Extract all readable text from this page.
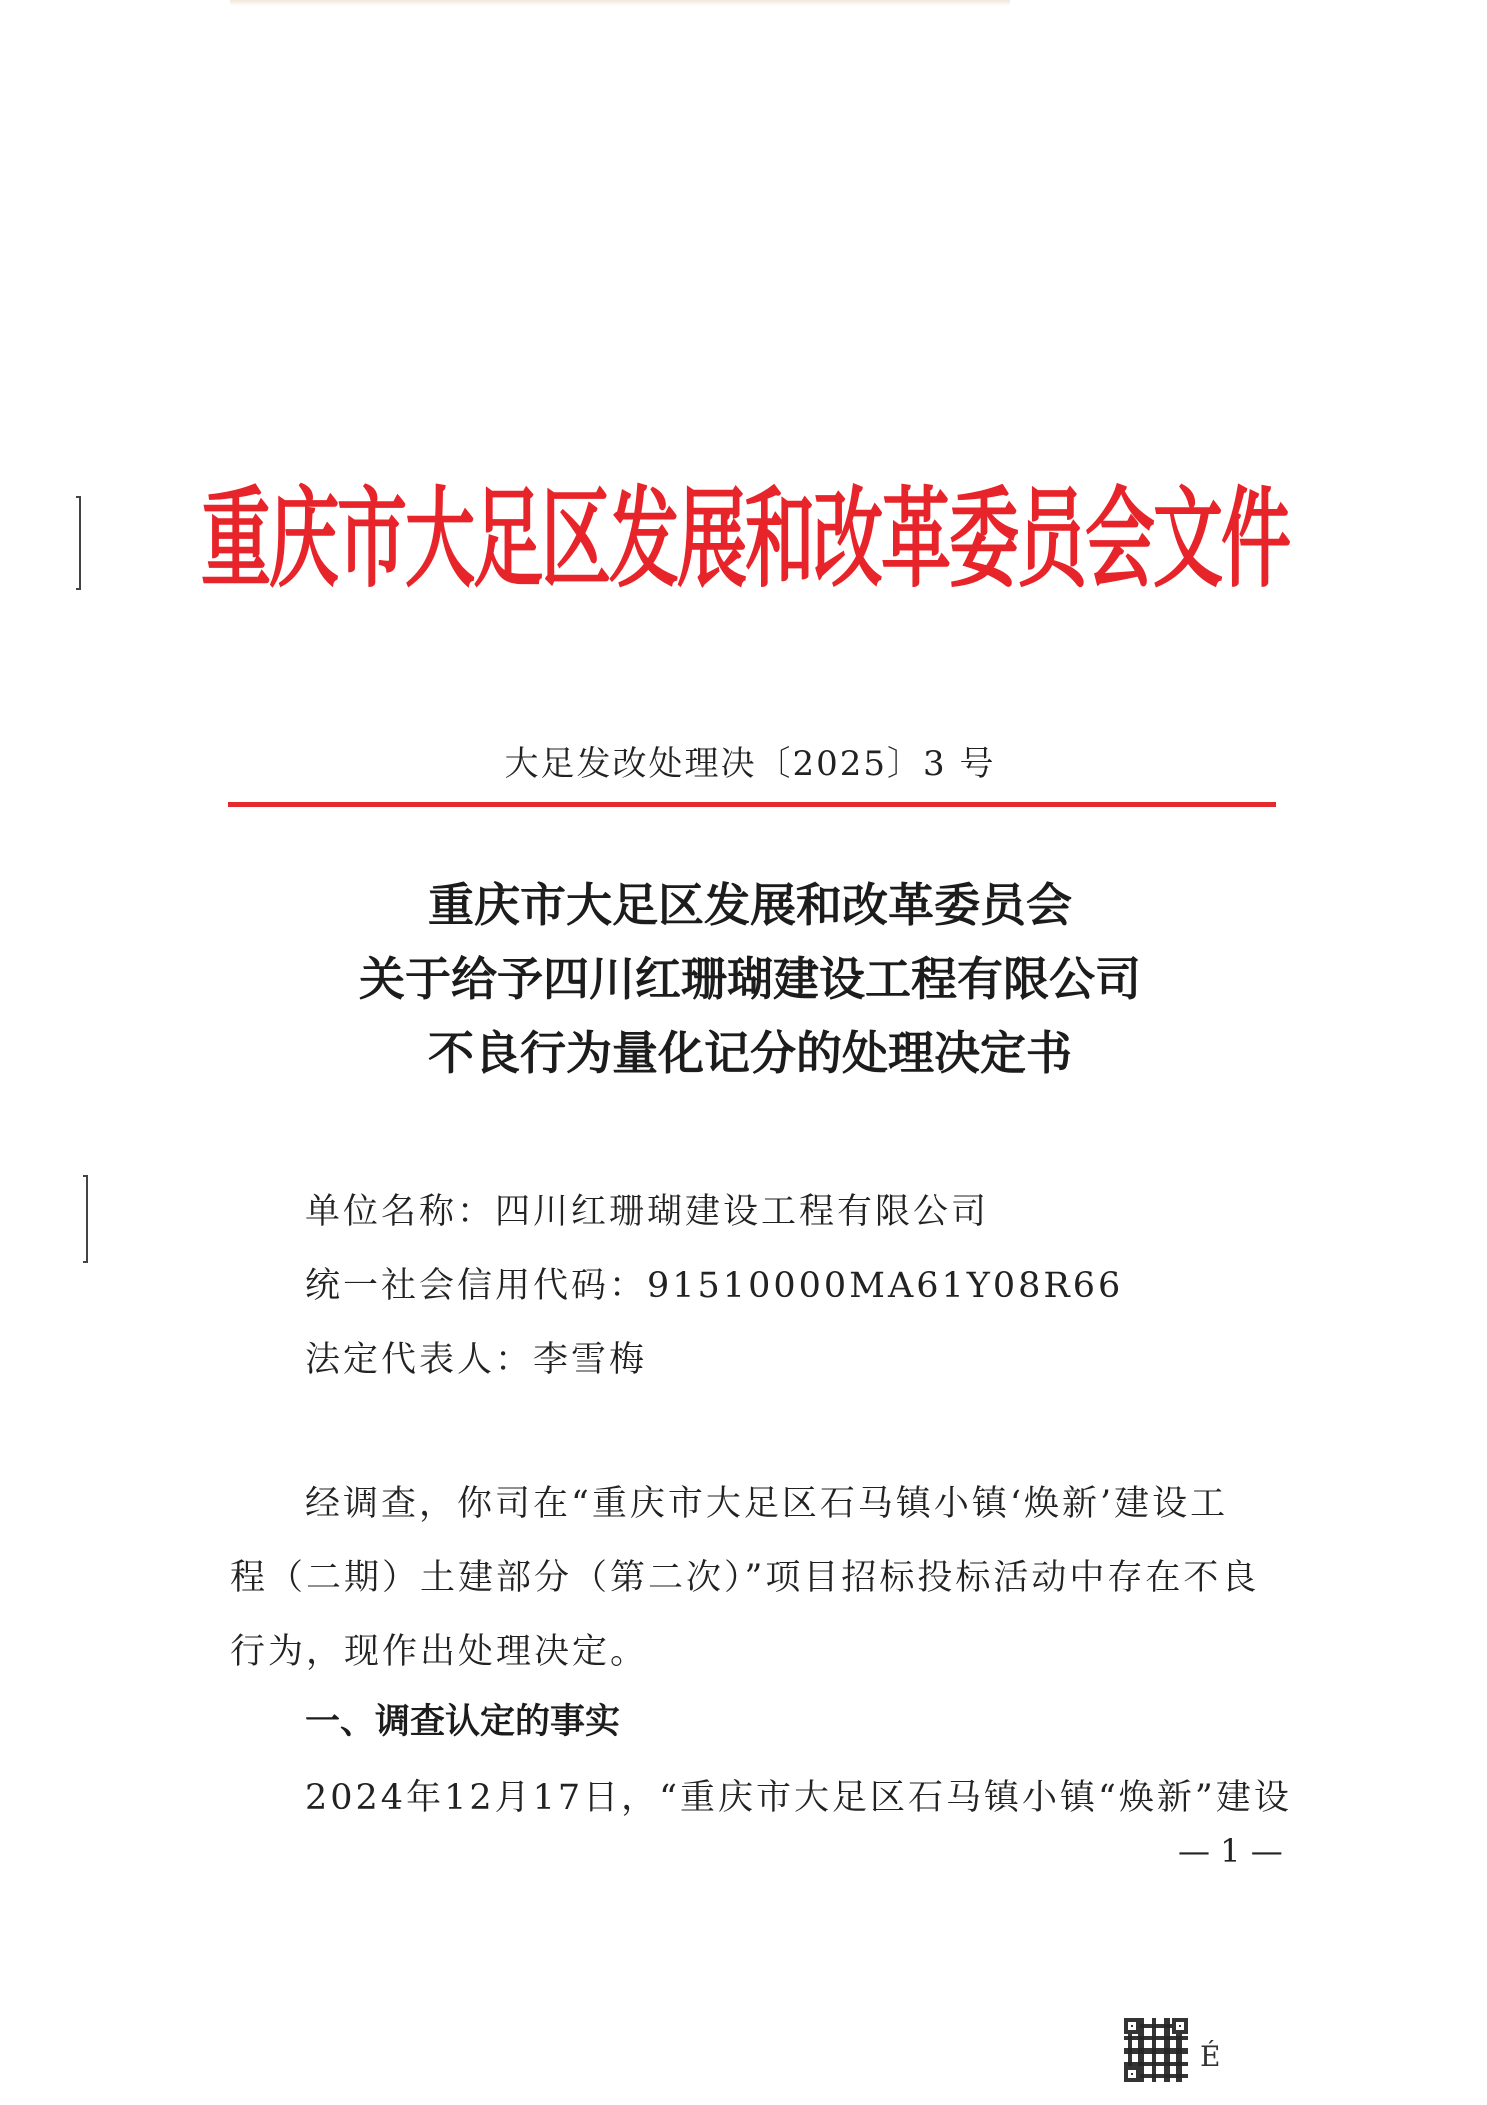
重庆市大足区发展和改革委员会文件
大足发改处理决〔2025〕3 号
重庆市大足区发展和改革委员会
关于给予四川红珊瑚建设工程有限公司
不良行为量化记分的处理决定书
单位名称：四川红珊瑚建设工程有限公司
统一社会信用代码：91510000MA61Y08R66
法定代表人：李雪梅
经调查，你司在“重庆市大足区石马镇小镇‘焕新’建设工
程（二期）土建部分（第二次）”项目招标投标活动中存在不良
行为，现作出处理决定。
一、调查认定的事实
2024年12月17日，“重庆市大足区石马镇小镇“焕新”建设
— 1 —
É
